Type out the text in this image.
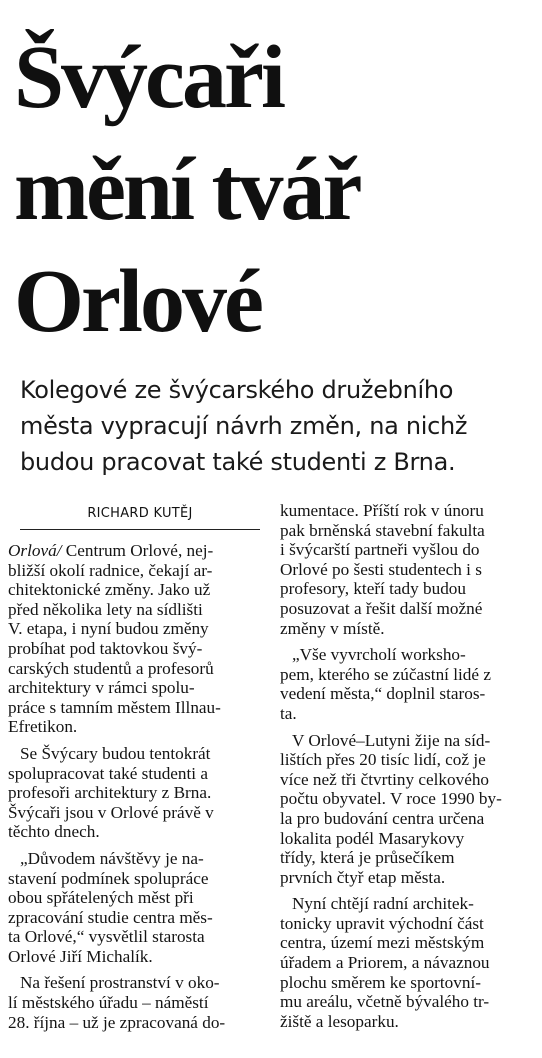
Švýcaři
mění tvář
Orlové
Kolegové ze švýcarského družebního
města vypracují návrh změn, na nichž
budou pracovat také studenti z Brna.
RICHARD KUTĚJ
Orlová/ Centrum Orlové, nej-
bližší okolí radnice, čekají ar-
chitektonické změny. Jako už
před několika lety na sídlišti
V. etapa, i nyní budou změny
probíhat pod taktovkou švý-
carských studentů a profesorů
architektury v rámci spolu-
práce s tamním městem Illnau-
Efretikon.
Se Švýcary budou tentokrát
spolupracovat také studenti a
profesoři architektury z Brna.
Švýcaři jsou v Orlové právě v
těchto dnech.
„Důvodem návštěvy je na-
stavení podmínek spolupráce
obou spřátelených měst při
zpracování studie centra měs-
ta Orlové,“ vysvětlil starosta
Orlové Jiří Michalík.
Na řešení prostranství v oko-
lí městského úřadu – náměstí
28. října – už je zpracovaná do-
kumentace. Příští rok v únoru
pak brněnská stavební fakulta
i švýcarští partneři vyšlou do
Orlové po šesti studentech i s
profesory, kteří tady budou
posuzovat a řešit další možné
změny v místě.
„Vše vyvrcholí worksho-
pem, kterého se zúčastní lidé z
vedení města,“ doplnil staros-
ta.
V Orlové–Lutyni žije na síd-
lištích přes 20 tisíc lidí, což je
více než tři čtvrtiny celkového
počtu obyvatel. V roce 1990 by-
la pro budování centra určena
lokalita podél Masarykovy
třídy, která je průsečíkem
prvních čtyř etap města.
Nyní chtějí radní architek-
tonicky upravit východní část
centra, území mezi městským
úřadem a Priorem, a návaznou
plochu směrem ke sportovní-
mu areálu, včetně bývalého tr-
žiště a lesoparku.
